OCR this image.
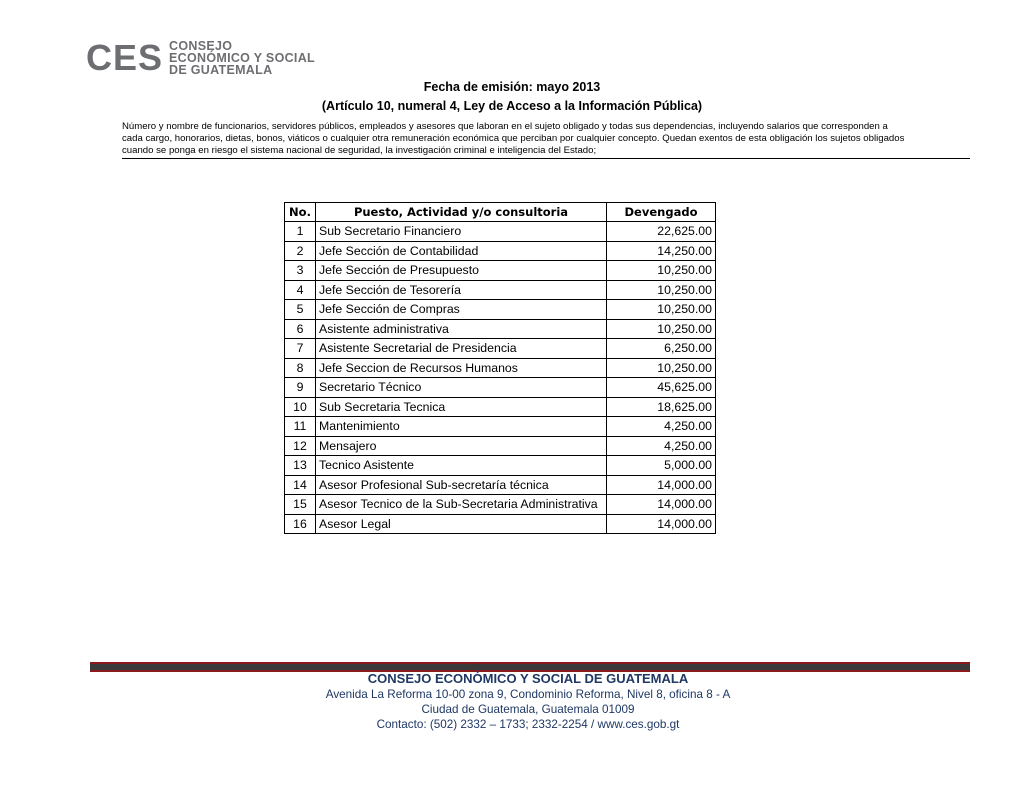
CES CONSEJO
ECONÓMICO Y SOCIAL
DE GUATEMALA
Fecha de emisión: mayo 2013
(Artículo 10, numeral 4, Ley de Acceso a la Información Pública)
Número y nombre de funcionarios, servidores públicos, empleados y asesores que laboran en el sujeto obligado y todas sus dependencias, incluyendo salarios que corresponden a
cada cargo, honorarios, dietas, bonos, viáticos o cualquier otra remuneración económica que perciban por cualquier concepto. Quedan exentos de esta obligación los sujetos obligados
cuando se ponga en riesgo el sistema nacional de seguridad, la investigación criminal e inteligencia del Estado;
No.	Puesto, Actividad y/o consultoria	Devengado
1	Sub Secretario Financiero	22,625.00
2	Jefe Sección de Contabilidad	14,250.00
3	Jefe Sección de Presupuesto	10,250.00
4	Jefe Sección de Tesorería	10,250.00
5	Jefe Sección de Compras	10,250.00
6	Asistente administrativa	10,250.00
7	Asistente Secretarial de Presidencia	6,250.00
8	Jefe Seccion de Recursos Humanos	10,250.00
9	Secretario Técnico	45,625.00
10	Sub Secretaria Tecnica	18,625.00
11	Mantenimiento	4,250.00
12	Mensajero	4,250.00
13	Tecnico Asistente	5,000.00
14	Asesor Profesional Sub-secretaría técnica	14,000.00
15	Asesor Tecnico de la Sub-Secretaria Administrativa	14,000.00
16	Asesor Legal	14,000.00
CONSEJO ECONÓMICO Y SOCIAL DE GUATEMALA
Avenida La Reforma 10-00 zona 9, Condominio Reforma, Nivel 8, oficina 8 - A
Ciudad de Guatemala, Guatemala 01009
Contacto: (502) 2332 – 1733; 2332-2254 / www.ces.gob.gt
